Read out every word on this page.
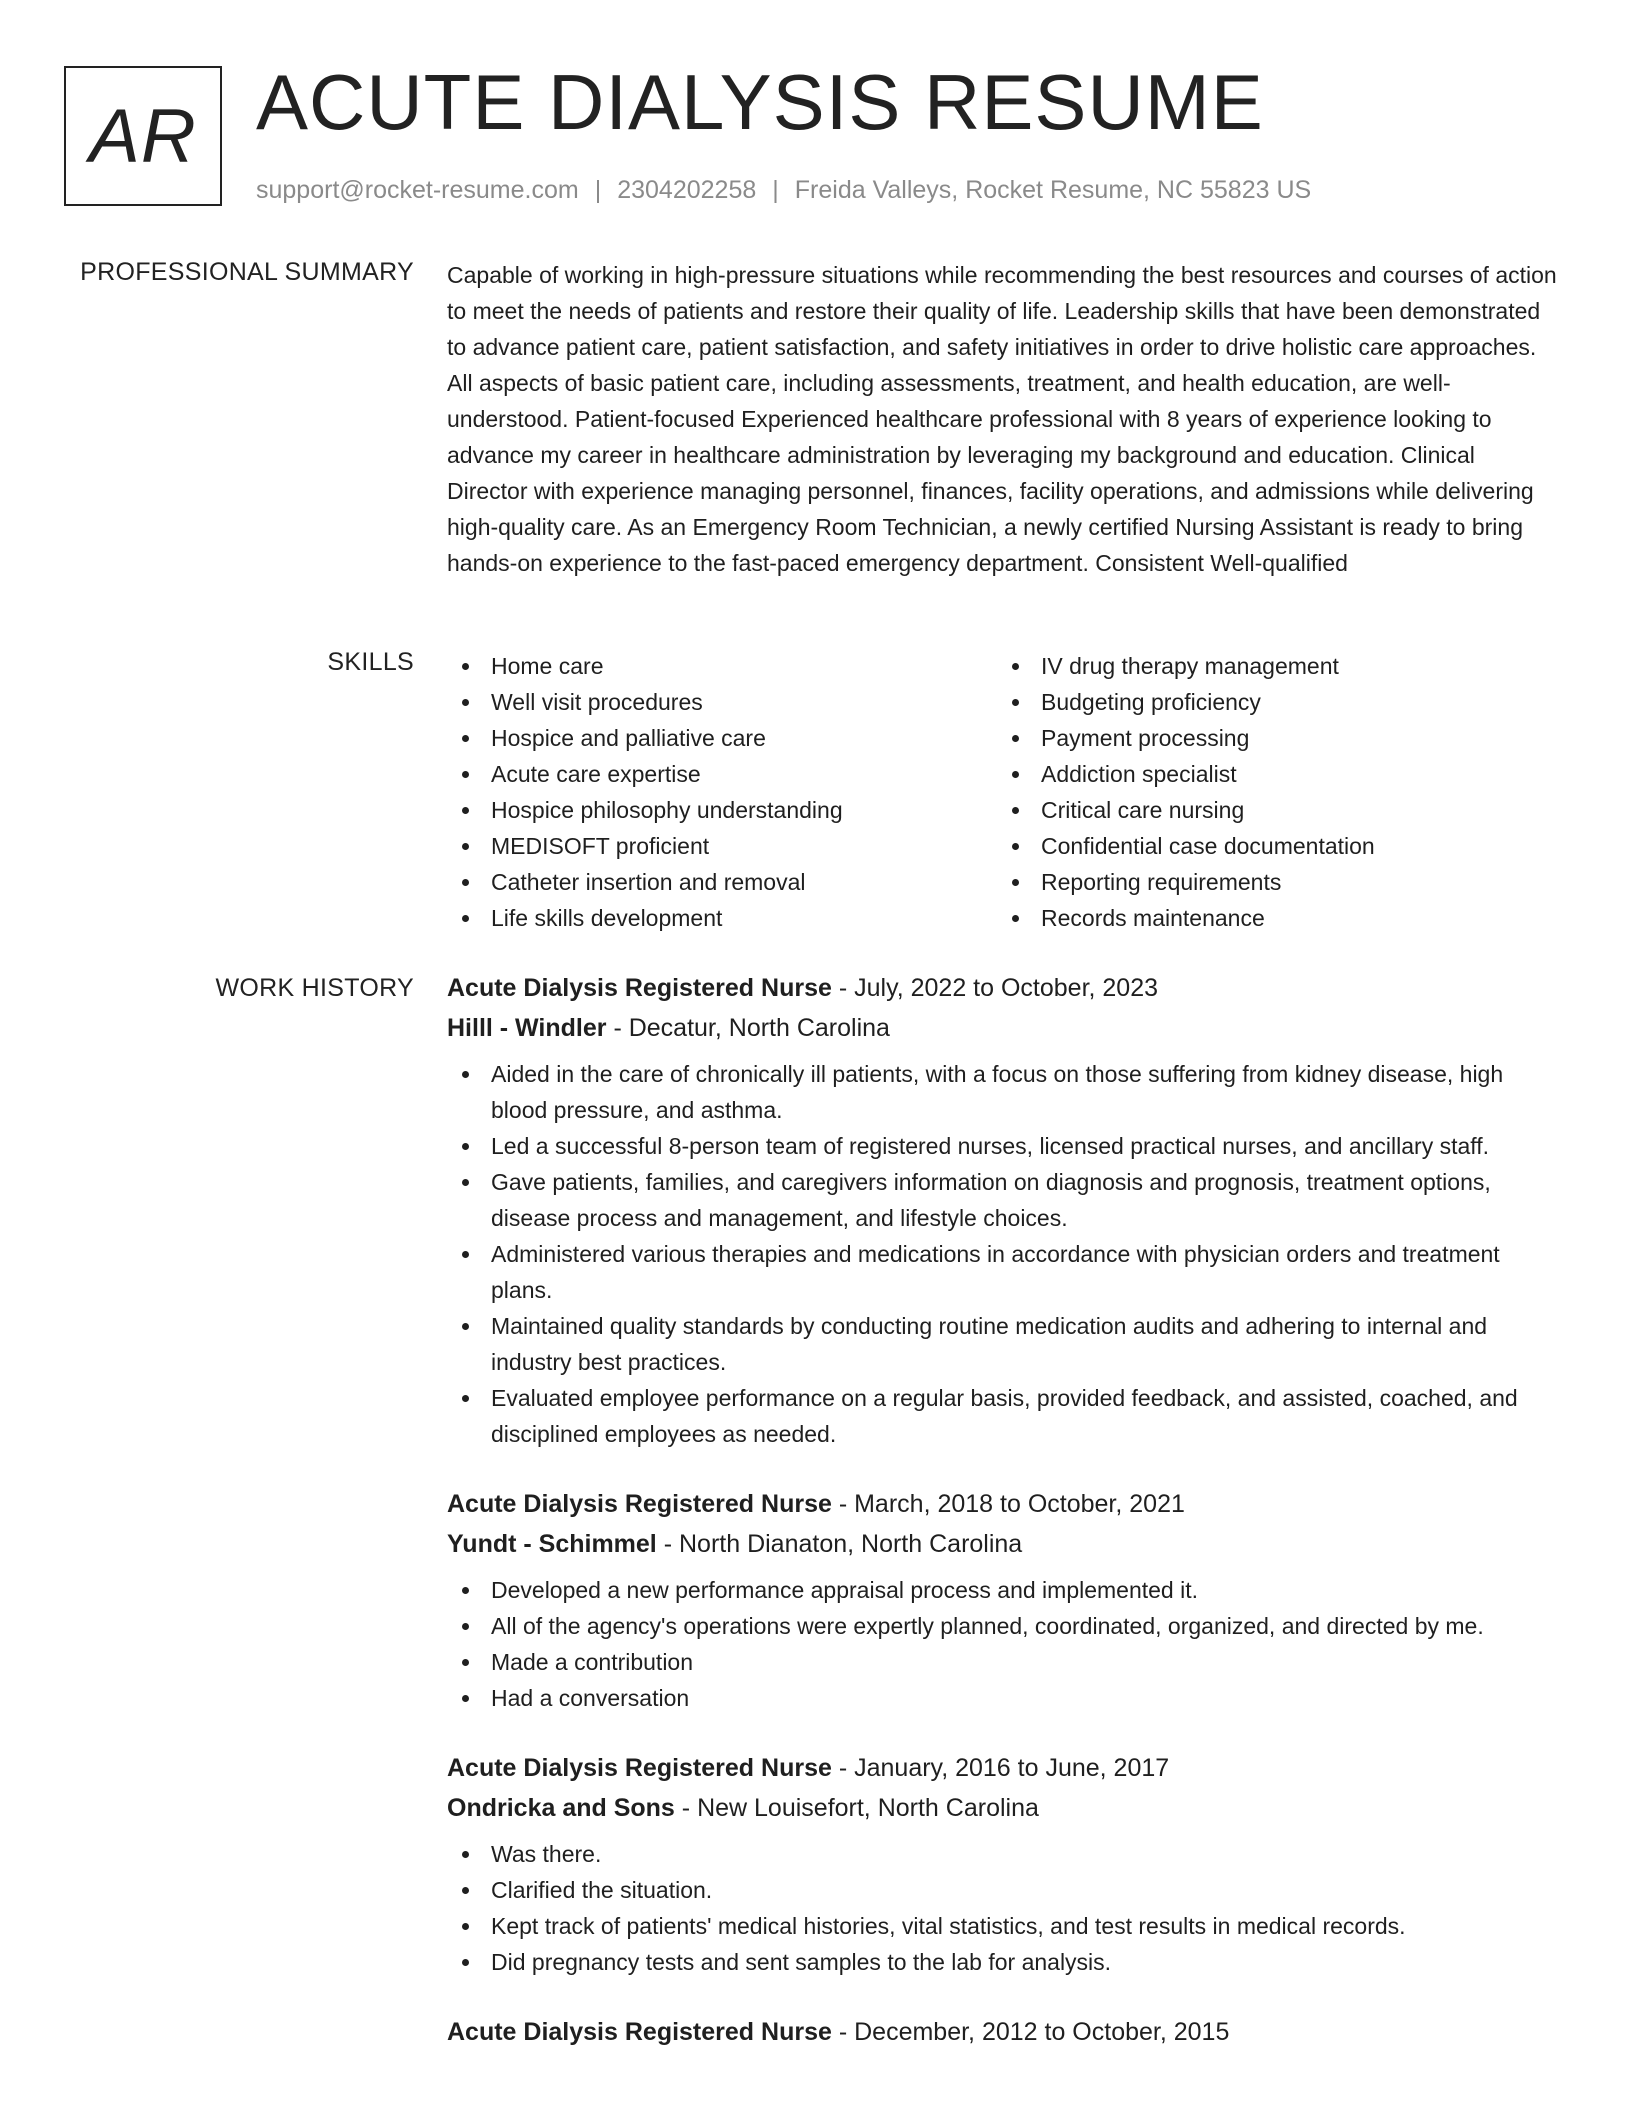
AR ACUTE DIALYSIS RESUME
support@rocket-resume.com | 2304202258 | Freida Valleys, Rocket Resume, NC 55823 US
PROFESSIONAL SUMMARY Capable of working in high-pressure situations while recommending the best resources and courses of action to meet the needs of patients and restore their quality of life. Leadership skills that have been demonstrated to advance patient care, patient satisfaction, and safety initiatives in order to drive holistic care approaches. All aspects of basic patient care, including assessments, treatment, and health education, are well-understood. Patient-focused Experienced healthcare professional with 8 years of experience looking to advance my career in healthcare administration by leveraging my background and education. Clinical Director with experience managing personnel, finances, facility operations, and admissions while delivering high-quality care. As an Emergency Room Technician, a newly certified Nursing Assistant is ready to bring hands-on experience to the fast-paced emergency department. Consistent Well-qualified

SKILLS	Home care
Well visit procedures
Hospice and palliative care
Acute care expertise
Hospice philosophy understanding
MEDISOFT proficient
Catheter insertion and removal
Life skills development
IV drug therapy management
Budgeting proficiency
Payment processing
Addiction specialist
Critical care nursing
Confidential case documentation
Reporting requirements
Records maintenance
WORK HISTORY Acute Dialysis Registered Nurse - July, 2022 to October, 2023
Hilll - Windler - Decatur, North Carolina
Aided in the care of chronically ill patients, with a focus on those suffering from kidney disease, high blood pressure, and asthma.
Led a successful 8-person team of registered nurses, licensed practical nurses, and ancillary staff.
Gave patients, families, and caregivers information on diagnosis and prognosis, treatment options, disease process and management, and lifestyle choices.
Administered various therapies and medications in accordance with physician orders and treatment plans.
Maintained quality standards by conducting routine medication audits and adhering to internal and industry best practices.
Evaluated employee performance on a regular basis, provided feedback, and assisted, coached, and disciplined employees as needed.
Acute Dialysis Registered Nurse - March, 2018 to October, 2021
Yundt - Schimmel - North Dianaton, North Carolina
Developed a new performance appraisal process and implemented it.
All of the agency's operations were expertly planned, coordinated, organized, and directed by me.
Made a contribution
Had a conversation
Acute Dialysis Registered Nurse - January, 2016 to June, 2017
Ondricka and Sons - New Louisefort, North Carolina
Was there.
Clarified the situation.
Kept track of patients' medical histories, vital statistics, and test results in medical records.
Did pregnancy tests and sent samples to the lab for analysis.
Acute Dialysis Registered Nurse - December, 2012 to October, 2015
